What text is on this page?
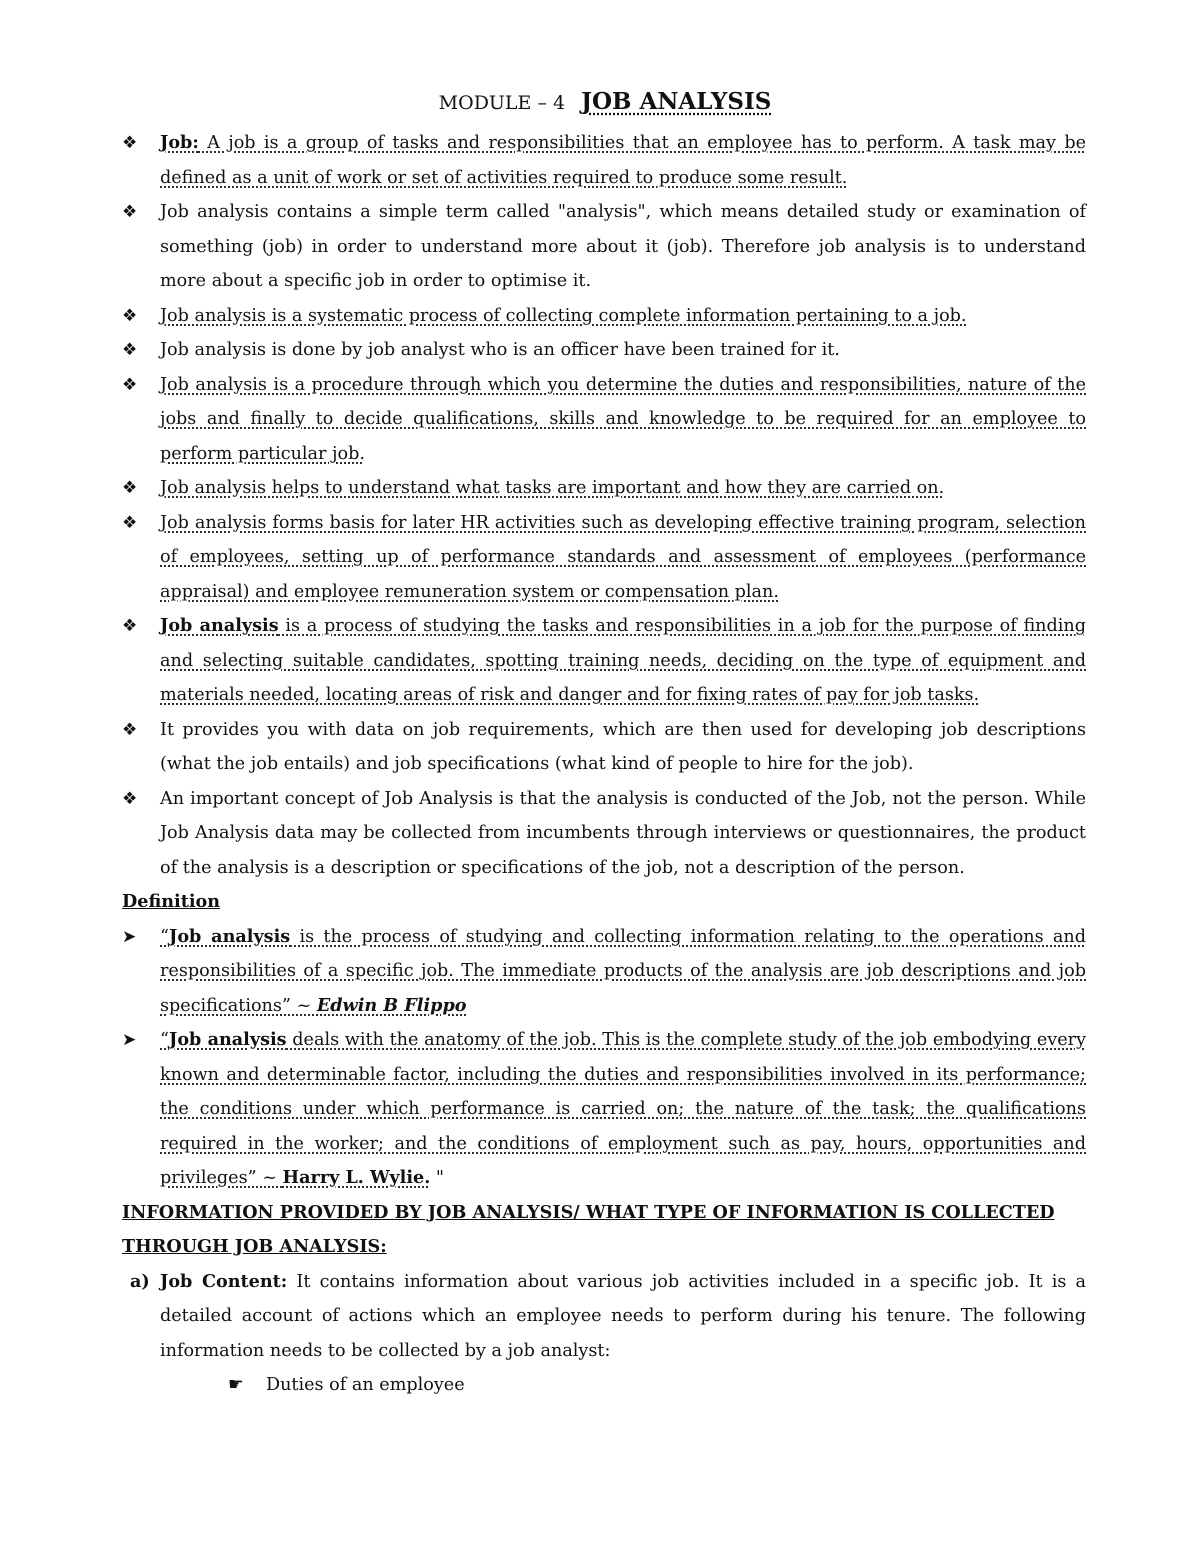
MODULE – 4 JOB ANALYSIS
❖	Job: A job is a group of tasks and responsibilities that an employee has to perform. A task may be defined as a unit of work or set of activities required to produce some result.
❖	Job analysis contains a simple term called "analysis", which means detailed study or examination of something (job) in order to understand more about it (job). Therefore job analysis is to understand more about a specific job in order to optimise it.
❖	Job analysis is a systematic process of collecting complete information pertaining to a job.
❖	Job analysis is done by job analyst who is an officer have been trained for it.
❖	Job analysis is a procedure through which you determine the duties and responsibilities, nature of the jobs and finally to decide qualifications, skills and knowledge to be required for an employee to perform particular job.
❖	Job analysis helps to understand what tasks are important and how they are carried on.
❖	Job analysis forms basis for later HR activities such as developing effective training program, selection of employees, setting up of performance standards and assessment of employees (performance appraisal) and employee remuneration system or compensation plan.
❖	Job analysis is a process of studying the tasks and responsibilities in a job for the purpose of finding and selecting suitable candidates, spotting training needs, deciding on the type of equipment and materials needed, locating areas of risk and danger and for fixing rates of pay for job tasks.
❖	It provides you with data on job requirements, which are then used for developing job descriptions (what the job entails) and job specifications (what kind of people to hire for the job).
❖	An important concept of Job Analysis is that the analysis is conducted of the Job, not the person. While Job Analysis data may be collected from incumbents through interviews or questionnaires, the product of the analysis is a description or specifications of the job, not a description of the person.
Definition
➤	“Job analysis is the process of studying and collecting information relating to the operations and responsibilities of a specific job. The immediate products of the analysis are job descriptions and job specifications” ~ Edwin B Flippo
➤	“Job analysis deals with the anatomy of the job. This is the complete study of the job embodying every known and determinable factor, including the duties and responsibilities involved in its performance; the conditions under which performance is carried on; the nature of the task; the qualifications required in the worker; and the conditions of employment such as pay, hours, opportunities and privileges” ~ Harry L. Wylie. "
INFORMATION PROVIDED BY JOB ANALYSIS/ WHAT TYPE OF INFORMATION IS COLLECTED THROUGH JOB ANALYSIS:
a) Job Content: It contains information about various job activities included in a specific job. It is a detailed account of actions which an employee needs to perform during his tenure. The following information needs to be collected by a job analyst:
☛ Duties of an employee
